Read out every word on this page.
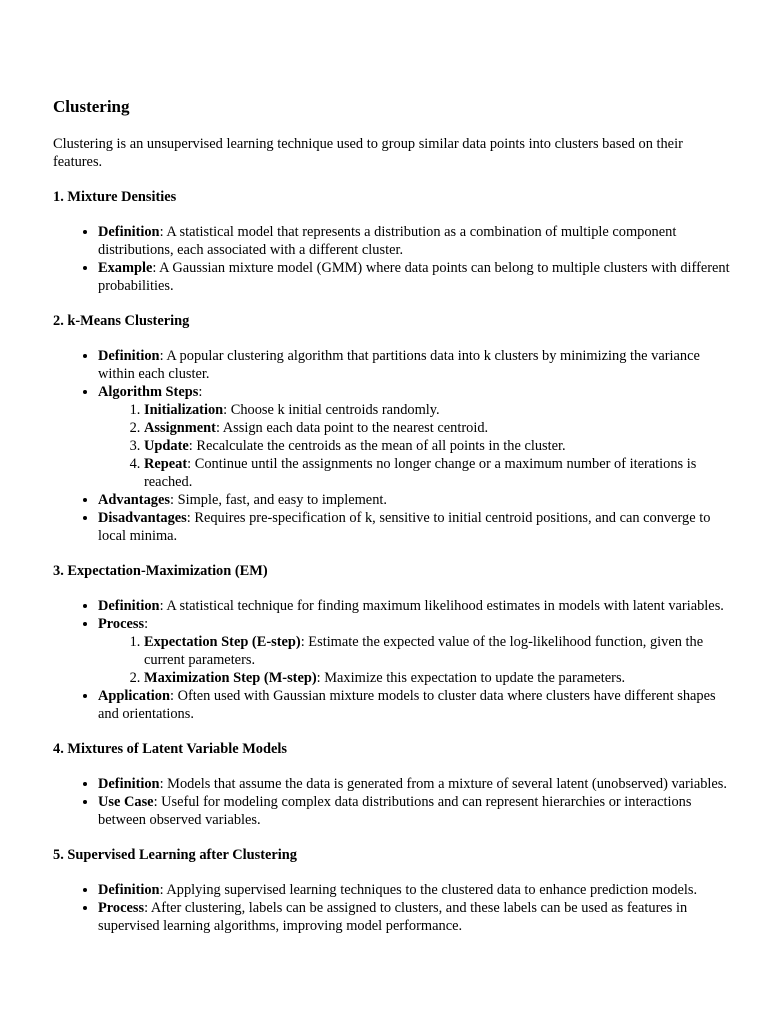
Clustering

Clustering is an unsupervised learning technique used to group similar data points into clusters based on their features.

1. Mixture Densities
• Definition: A statistical model that represents a distribution as a combination of multiple component distributions, each associated with a different cluster.
• Example: A Gaussian mixture model (GMM) where data points can belong to multiple clusters with different probabilities.
2. k-Means Clustering
• Definition: A popular clustering algorithm that partitions data into k clusters by minimizing the variance within each cluster.
• Algorithm Steps:
1. Initialization: Choose k initial centroids randomly.
2. Assignment: Assign each data point to the nearest centroid.
3. Update: Recalculate the centroids as the mean of all points in the cluster.
4. Repeat: Continue until the assignments no longer change or a maximum number of iterations is reached.
• Advantages: Simple, fast, and easy to implement.
• Disadvantages: Requires pre-specification of k, sensitive to initial centroid positions, and can converge to local minima.
3. Expectation-Maximization (EM)
• Definition: A statistical technique for finding maximum likelihood estimates in models with latent variables.
• Process:
1. Expectation Step (E-step): Estimate the expected value of the log-likelihood function, given the current parameters.
2. Maximization Step (M-step): Maximize this expectation to update the parameters.
• Application: Often used with Gaussian mixture models to cluster data where clusters have different shapes and orientations.
4. Mixtures of Latent Variable Models
• Definition: Models that assume the data is generated from a mixture of several latent (unobserved) variables.
• Use Case: Useful for modeling complex data distributions and can represent hierarchies or interactions between observed variables.
5. Supervised Learning after Clustering
• Definition: Applying supervised learning techniques to the clustered data to enhance prediction models.
• Process: After clustering, labels can be assigned to clusters, and these labels can be used as features in supervised learning algorithms, improving model performance.
